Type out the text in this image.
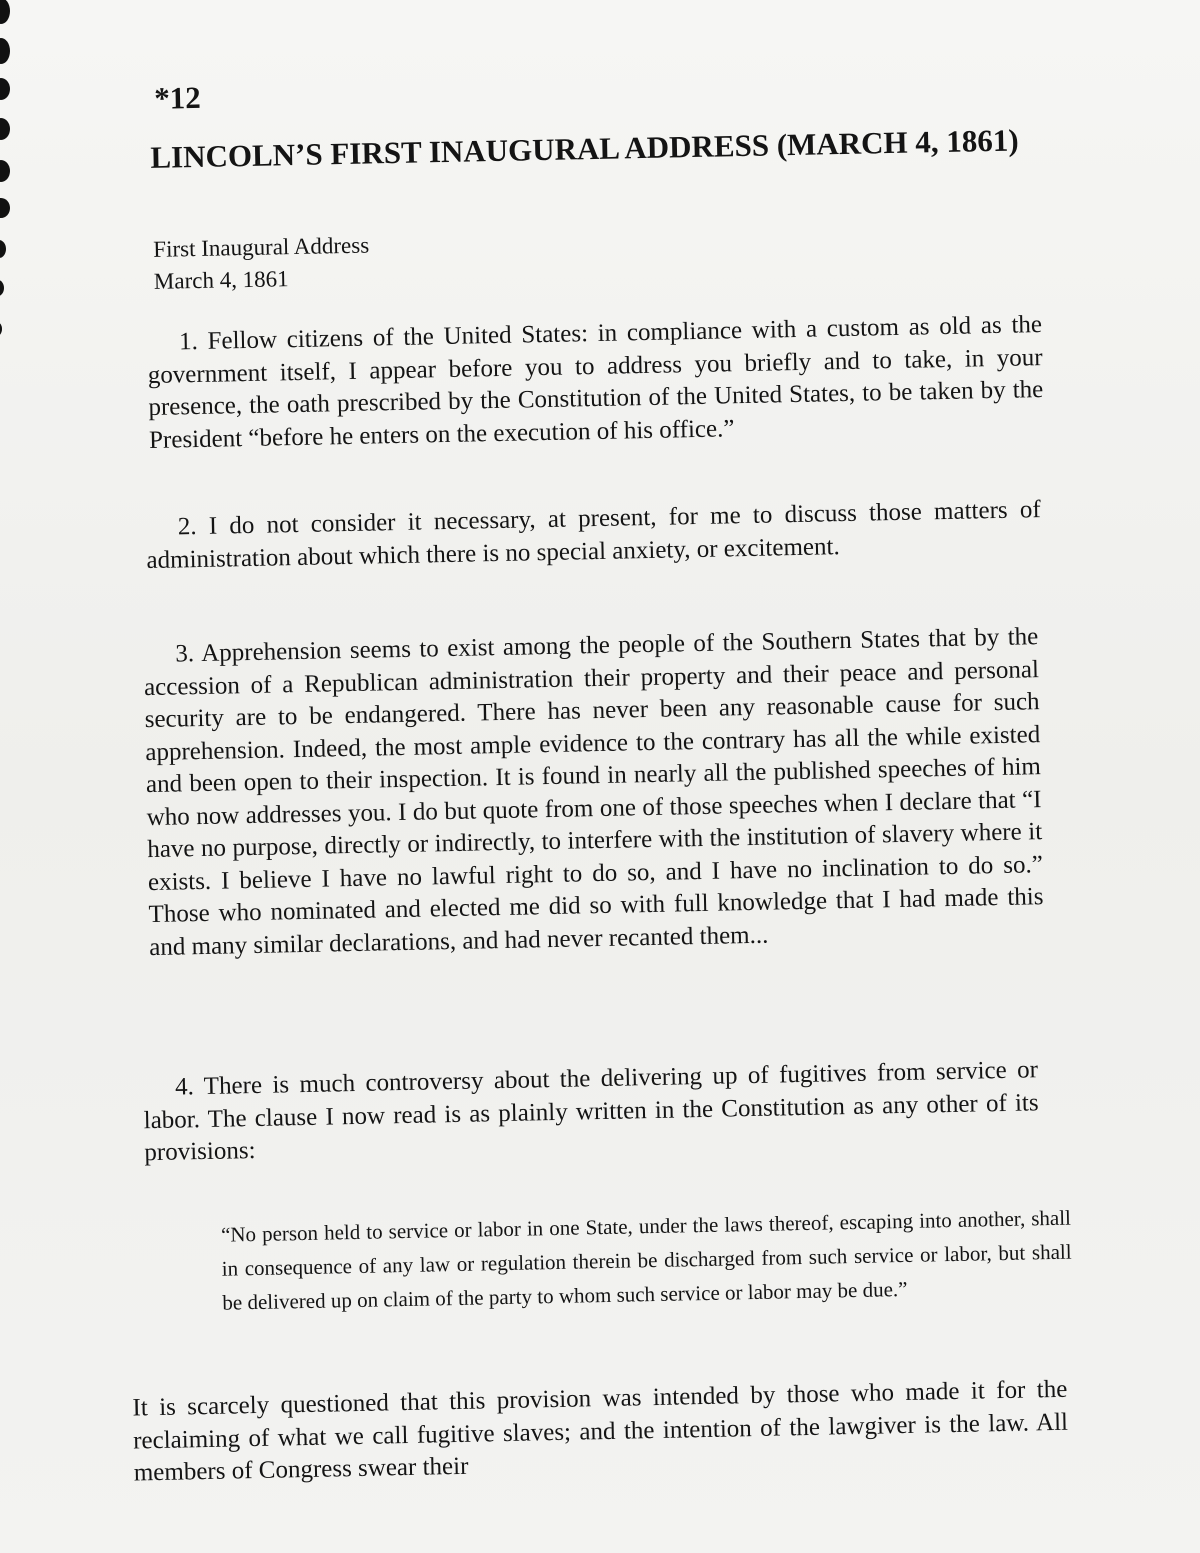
*12
LINCOLN’S FIRST INAUGURAL ADDRESS (MARCH 4, 1861)
First Inaugural Address
March 4, 1861
1. Fellow citizens of the United States: in compliance with a custom as old as the government itself, I appear before you to address you briefly and to take, in your presence, the oath prescribed by the Constitution of the United States, to be taken by the President “before he enters on the execution of his office.”
2. I do not consider it necessary, at present, for me to discuss those matters of administration about which there is no special anxiety, or excitement.
3. Apprehension seems to exist among the people of the Southern States that by the accession of a Republican administration their property and their peace and personal security are to be endangered. There has never been any reasonable cause for such apprehension. Indeed, the most ample evidence to the contrary has all the while existed and been open to their inspection. It is found in nearly all the published speeches of him who now addresses you. I do but quote from one of those speeches when I declare that “I have no purpose, directly or indirectly, to interfere with the institution of slavery where it exists. I believe I have no lawful right to do so, and I have no inclination to do so.” Those who nominated and elected me did so with full knowledge that I had made this and many similar declarations, and had never recanted them...
4. There is much controversy about the delivering up of fugitives from service or labor. The clause I now read is as plainly written in the Constitution as any other of its provisions:
“No person held to service or labor in one State, under the laws thereof, escaping into another, shall in consequence of any law or regulation therein be discharged from such service or labor, but shall be delivered up on claim of the party to whom such service or labor may be due.”
It is scarcely questioned that this provision was intended by those who made it for the reclaiming of what we call fugitive slaves; and the intention of the lawgiver is the law. All members of Congress swear their
